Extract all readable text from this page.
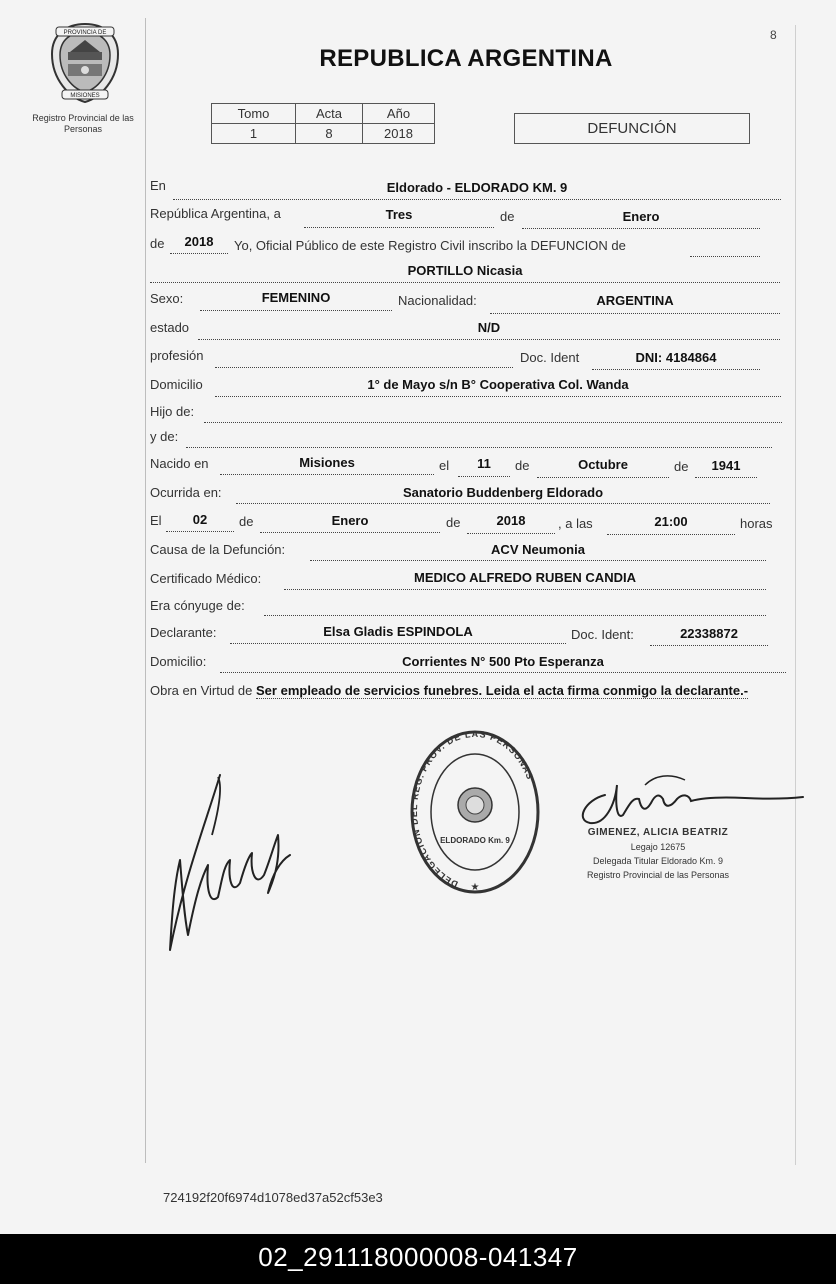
8
PROVINCIA DE
MISIONES
Registro Provincial de las Personas
REPUBLICA ARGENTINA
Tomo	Acta	Año
1	8	2018	DEFUNCIÓN
En	Eldorado - ELDORADO KM. 9
República Argentina, a	Tres	de	Enero
de	2018	Yo, Oficial Público de este Registro Civil inscribo la DEFUNCION de
PORTILLO Nicasia
Sexo:	FEMENINO	Nacionalidad:	ARGENTINA
estado	N/D
profesión	Doc. Ident	DNI: 4184864
Domicilio	1° de Mayo s/n B° Cooperativa Col. Wanda
Hijo de:
y de:
Nacido en	Misiones	el	11	de	Octubre	de	1941
Ocurrida en:	Sanatorio Buddenberg Eldorado
El	02	de	Enero	de	2018	, a las	21:00	horas
Causa de la Defunción:	ACV Neumonia
Certificado Médico:	MEDICO ALFREDO RUBEN CANDIA
Era cónyuge de:
Declarante:	Elsa Gladis ESPINDOLA	Doc. Ident:	22338872
Domicilio:	Corrientes N° 500 Pto Esperanza
Obra en Virtud de Ser empleado de servicios funebres. Leida el acta firma conmigo la declarante.-
DELEGACION DEL REG. PROV. DE LAS PERSONAS
ELDORADO Km. 9
★
GIMENEZ, ALICIA BEATRIZ
Legajo 12675
Delegada Titular Eldorado Km. 9
Registro Provincial de las Personas
724192f20f6974d1078ed37a52cf53e3
02_291118000008-041347
